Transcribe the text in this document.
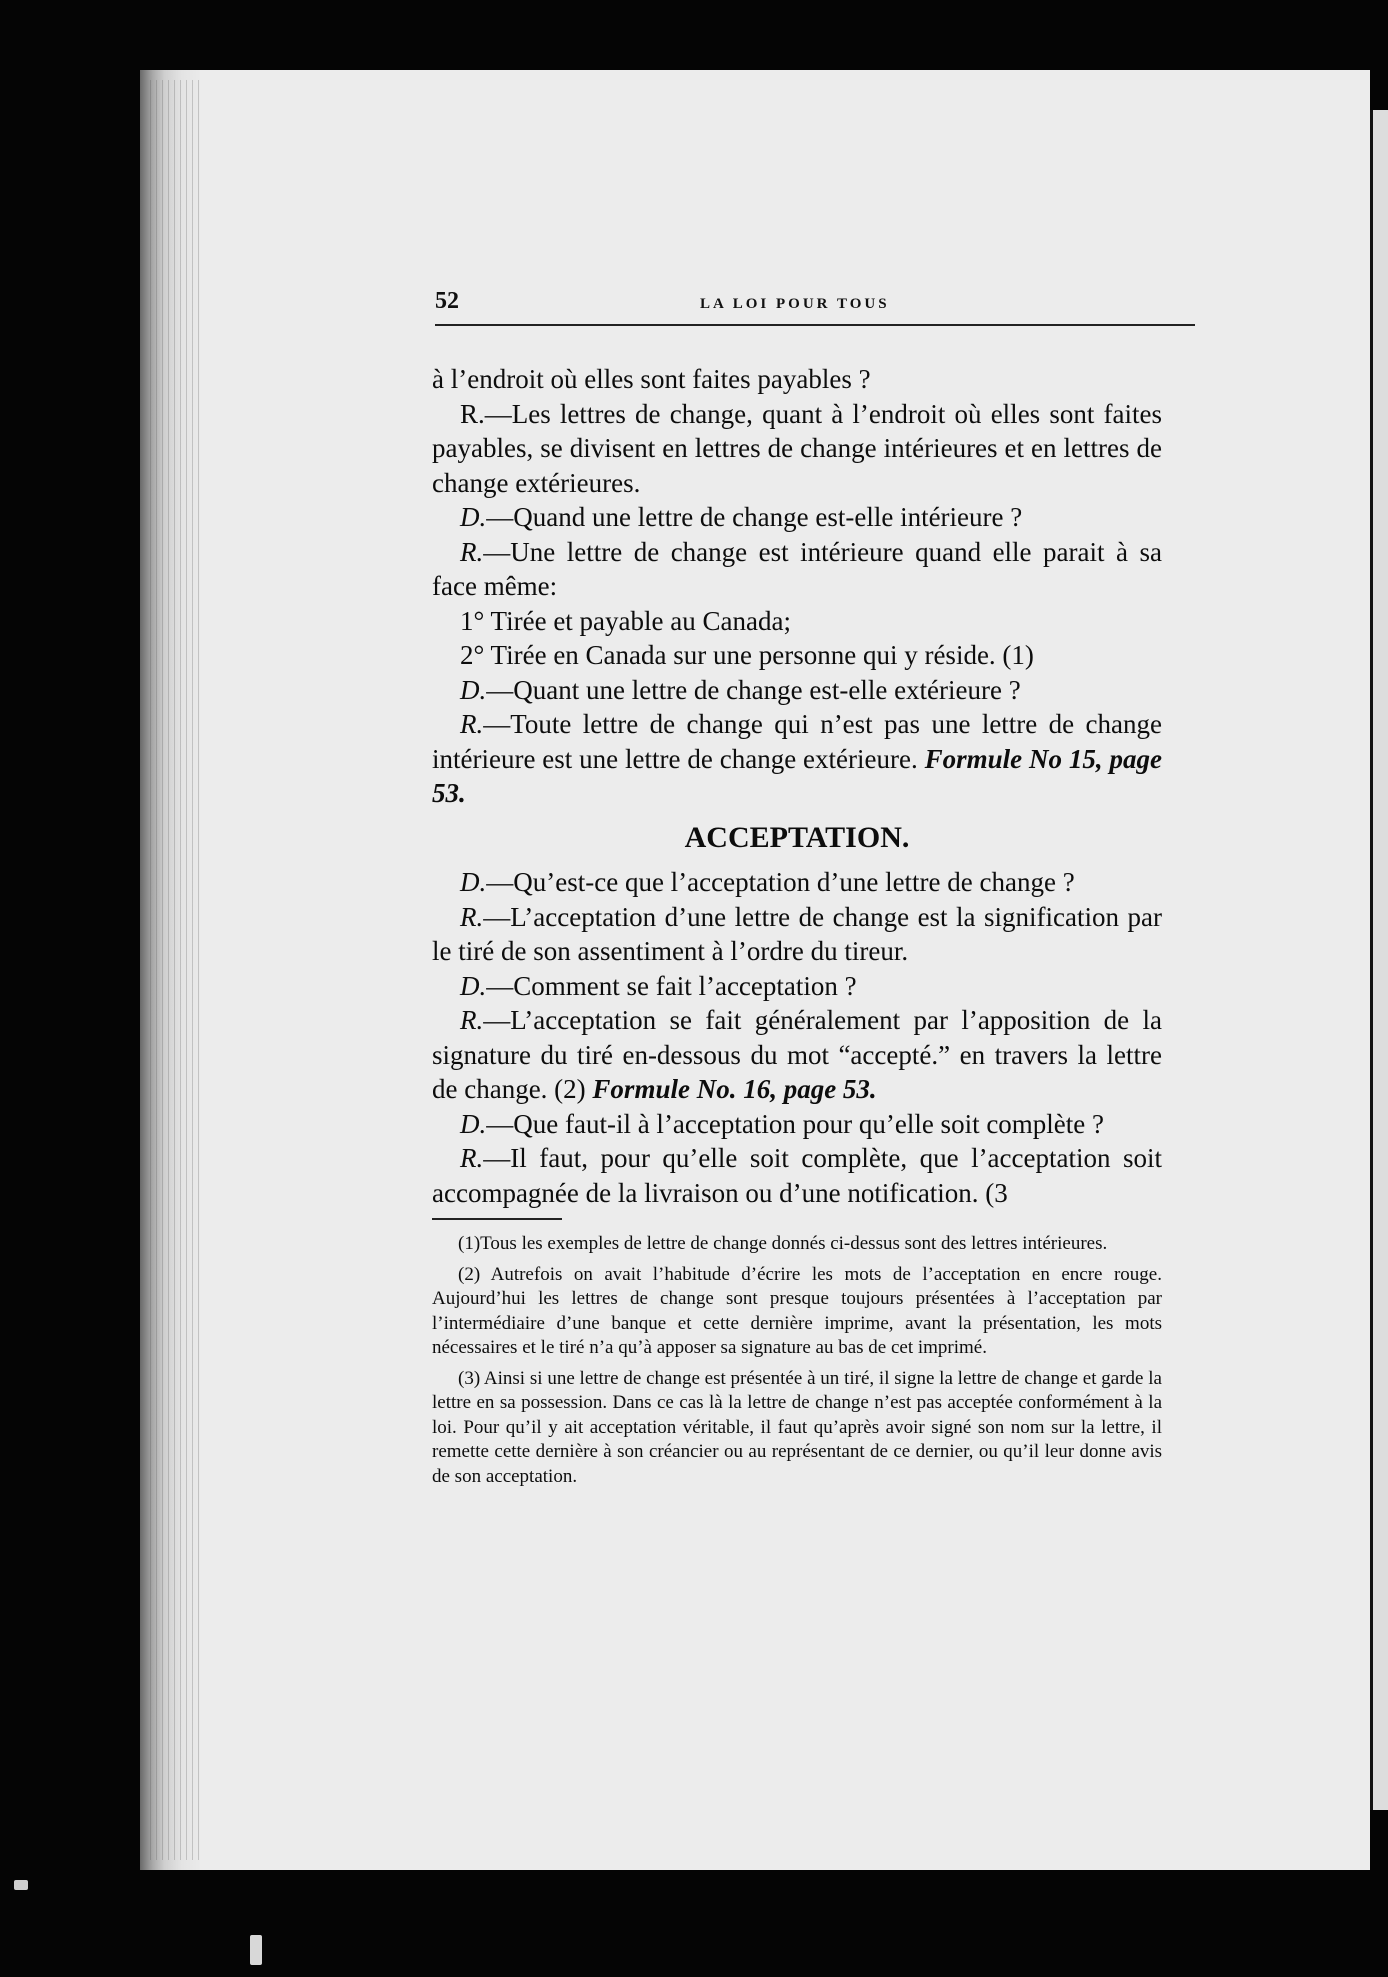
52	LA LOI POUR TOUS

à l’endroit où elles sont faites payables ?

R.—Les lettres de change, quant à l’endroit où elles sont faites payables, se divisent en lettres de change intérieures et en lettres de change extérieures.

D.—Quand une lettre de change est-elle intérieure ?

R.—Une lettre de change est intérieure quand elle parait à sa face même:

1° Tirée et payable au Canada;

2° Tirée en Canada sur une personne qui y réside. (1)

D.—Quant une lettre de change est-elle extérieure ?

R.—Toute lettre de change qui n’est pas une lettre de change intérieure est une lettre de change extérieure. Formule No 15, page 53.

ACCEPTATION.

D.—Qu’est-ce que l’acceptation d’une lettre de change ?

R.—L’acceptation d’une lettre de change est la signification par le tiré de son assentiment à l’ordre du tireur.

D.—Comment se fait l’acceptation ?

R.—L’acceptation se fait généralement par l’apposition de la signature du tiré en-dessous du mot “accepté.” en travers la lettre de change. (2) Formule No. 16, page 53.

D.—Que faut-il à l’acceptation pour qu’elle soit complète ?

R.—Il faut, pour qu’elle soit complète, que l’acceptation soit accompagnée de la livraison ou d’une notification. (3

(1)Tous les exemples de lettre de change donnés ci-dessus sont des lettres intérieures.

(2) Autrefois on avait l’habitude d’écrire les mots de l’acceptation en encre rouge. Aujourd’hui les lettres de change sont presque toujours présentées à l’acceptation par l’intermédiaire d’une banque et cette dernière imprime, avant la présentation, les mots nécessaires et le tiré n’a qu’à apposer sa signature au bas de cet imprimé.

(3) Ainsi si une lettre de change est présentée à un tiré, il signe la lettre de change et garde la lettre en sa possession. Dans ce cas là la lettre de change n’est pas acceptée conformément à la loi. Pour qu’il y ait acceptation véritable, il faut qu’après avoir signé son nom sur la lettre, il remette cette dernière à son créancier ou au représentant de ce dernier, ou qu’il leur donne avis de son acceptation.
